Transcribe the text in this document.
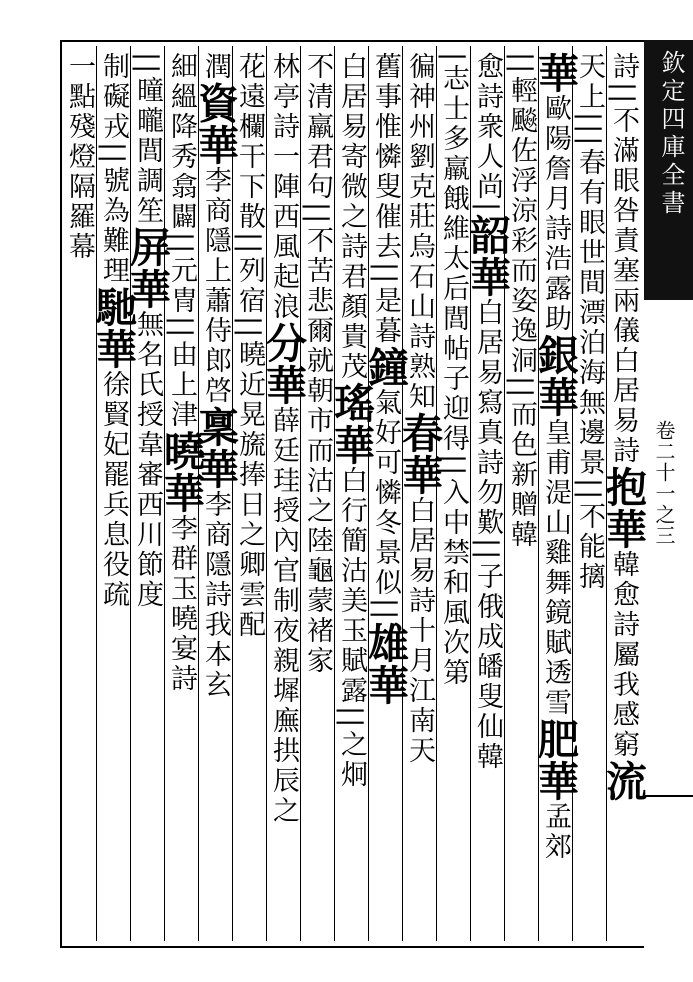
詩||不滿眼咎責塞兩儀白居易詩
抱
華
韓愈詩屬我感窮
流
天上|||春有眼世間漂泊海無邊
景||不能摛
華
歐陽詹月詩浩露助
銀
華
皇甫湜山雞舞鏡賦透雪
肥
華
孟郊
||輕飈佐浮涼
彩而姿逸洞||而色新
贈韓
愈詩衆人尚|
韶
華
白居易寫真詩勿歎||子俄成皤叟仙韓
|志士多羸餓
維太后閭帖子迎得||入中禁和風次第
徧神州劉克莊烏石山詩熟知
春
華
白居易詩十月江南天
舊事惟憐叟催去||是暮
鐘
氣好可憐冬景似||
雄
華
白居易寄微之詩君顏貴茂
瑤
華
白行簡沽美玉賦露||之炯
不清羸君句||不苦悲
爾就朝市而沽之陸龜蒙褚家
林亭詩一陣西風起浪
分
華
薛廷珪授內官制夜親墀廡拱辰之
花遠欄干下散||
列宿||曉近晃旒捧日之卿雲配
潤
資
華
李商隱上蕭侍郎啓
稟
華
李商隱詩我本玄
細縕降秀翕闢||
元冑||由上津
曉
華
李群玉曉宴詩
||曈曨閭調笙
屏
華
無名氏授韋審西川節度
制礙戎||號為難理
馳
華
徐賢妃罷兵息役疏
一點殘燈隔羅幕	欽定四庫全書
卷二十一之三
